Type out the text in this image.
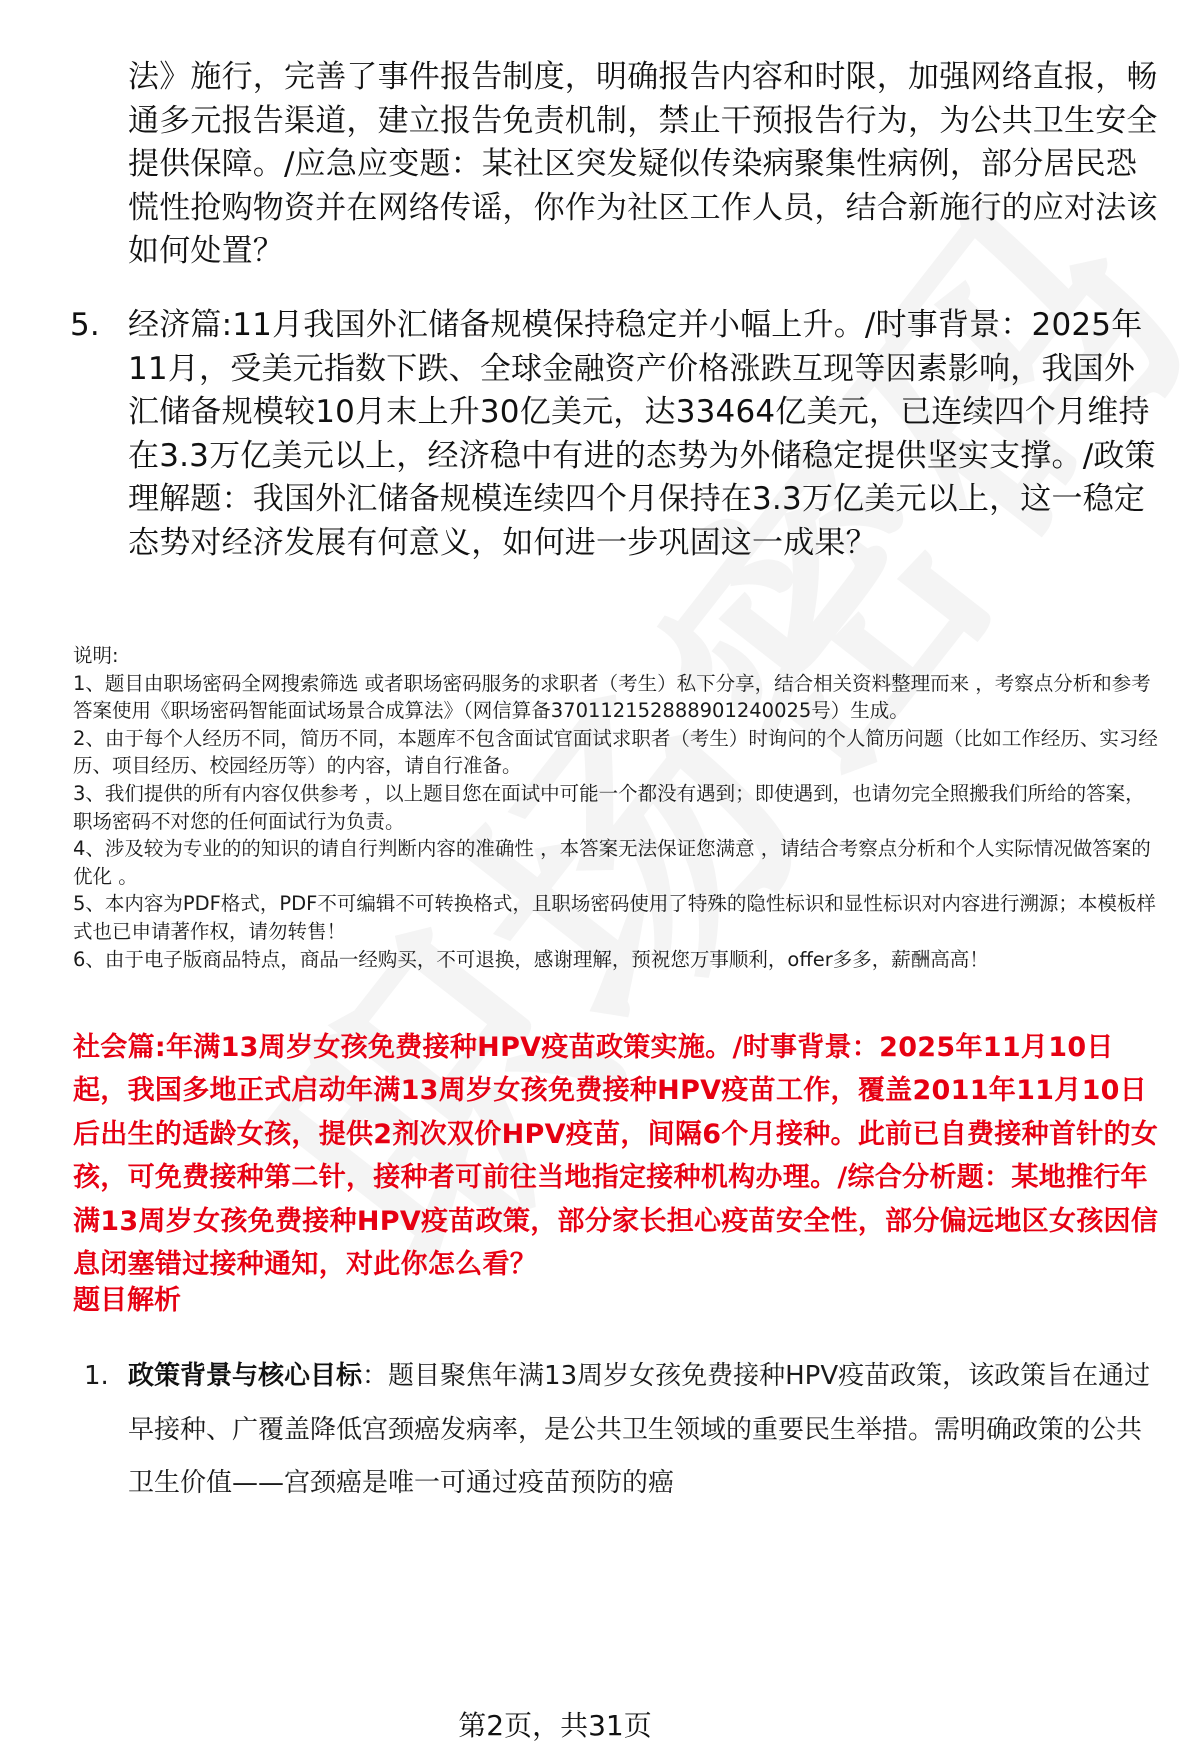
法》施行，完善了事件报告制度，明确报告内容和时限，加强网络直报，畅通多元报告渠道，建立报告免责机制，禁止干预报告行为，为公共卫生安全提供保障。/应急应变题：某社区突发疑似传染病聚集性病例，部分居民恐慌性抢购物资并在网络传谣，你作为社区工作人员，结合新施行的应对法该如何处置？
5. 经济篇:11月我国外汇储备规模保持稳定并小幅上升。/时事背景：2025年11月，受美元指数下跌、全球金融资产价格涨跌互现等因素影响，我国外汇储备规模较10月末上升30亿美元，达33464亿美元，已连续四个月维持在3.3万亿美元以上，经济稳中有进的态势为外储稳定提供坚实支撑。/政策理解题：我国外汇储备规模连续四个月保持在3.3万亿美元以上，这一稳定态势对经济发展有何意义，如何进一步巩固这一成果？
说明:
1、题目由职场密码全网搜索筛选 或者职场密码服务的求职者（考生）私下分享，结合相关资料整理而来 ，考察点分析和参考答案使用《职场密码智能面试场景合成算法》（网信算备370112152888901240025号）生成。
2、由于每个人经历不同，简历不同，本题库不包含面试官面试求职者（考生）时询问的个人简历问题（比如工作经历、实习经历、项目经历、校园经历等）的内容，请自行准备。
3、我们提供的所有内容仅供参考 ，以上题目您在面试中可能一个都没有遇到；即使遇到，也请勿完全照搬我们所给的答案，职场密码不对您的任何面试行为负责。
4、涉及较为专业的的知识的请自行判断内容的准确性 ，本答案无法保证您满意 ，请结合考察点分析和个人实际情况做答案的优化 。
5、本内容为PDF格式，PDF不可编辑不可转换格式，且职场密码使用了特殊的隐性标识和显性标识对内容进行溯源；本模板样式也已申请著作权，请勿转售！
6、由于电子版商品特点，商品一经购买，不可退换，感谢理解，预祝您万事顺利，offer多多，薪酬高高！
社会篇:年满13周岁女孩免费接种HPV疫苗政策实施。/时事背景：2025年11月10日起，我国多地正式启动年满13周岁女孩免费接种HPV疫苗工作，覆盖2011年11月10日后出生的适龄女孩，提供2剂次双价HPV疫苗，间隔6个月接种。此前已自费接种首针的女孩，可免费接种第二针，接种者可前往当地指定接种机构办理。/综合分析题：某地推行年满13周岁女孩免费接种HPV疫苗政策，部分家长担心疫苗安全性，部分偏远地区女孩因信息闭塞错过接种通知，对此你怎么看？
题目解析
1. 政策背景与核心目标：题目聚焦年满13周岁女孩免费接种HPV疫苗政策，该政策旨在通过早接种、广覆盖降低宫颈癌发病率，是公共卫生领域的重要民生举措。需明确政策的公共卫生价值——宫颈癌是唯一可通过疫苗预防的癌
第2页，共31页
